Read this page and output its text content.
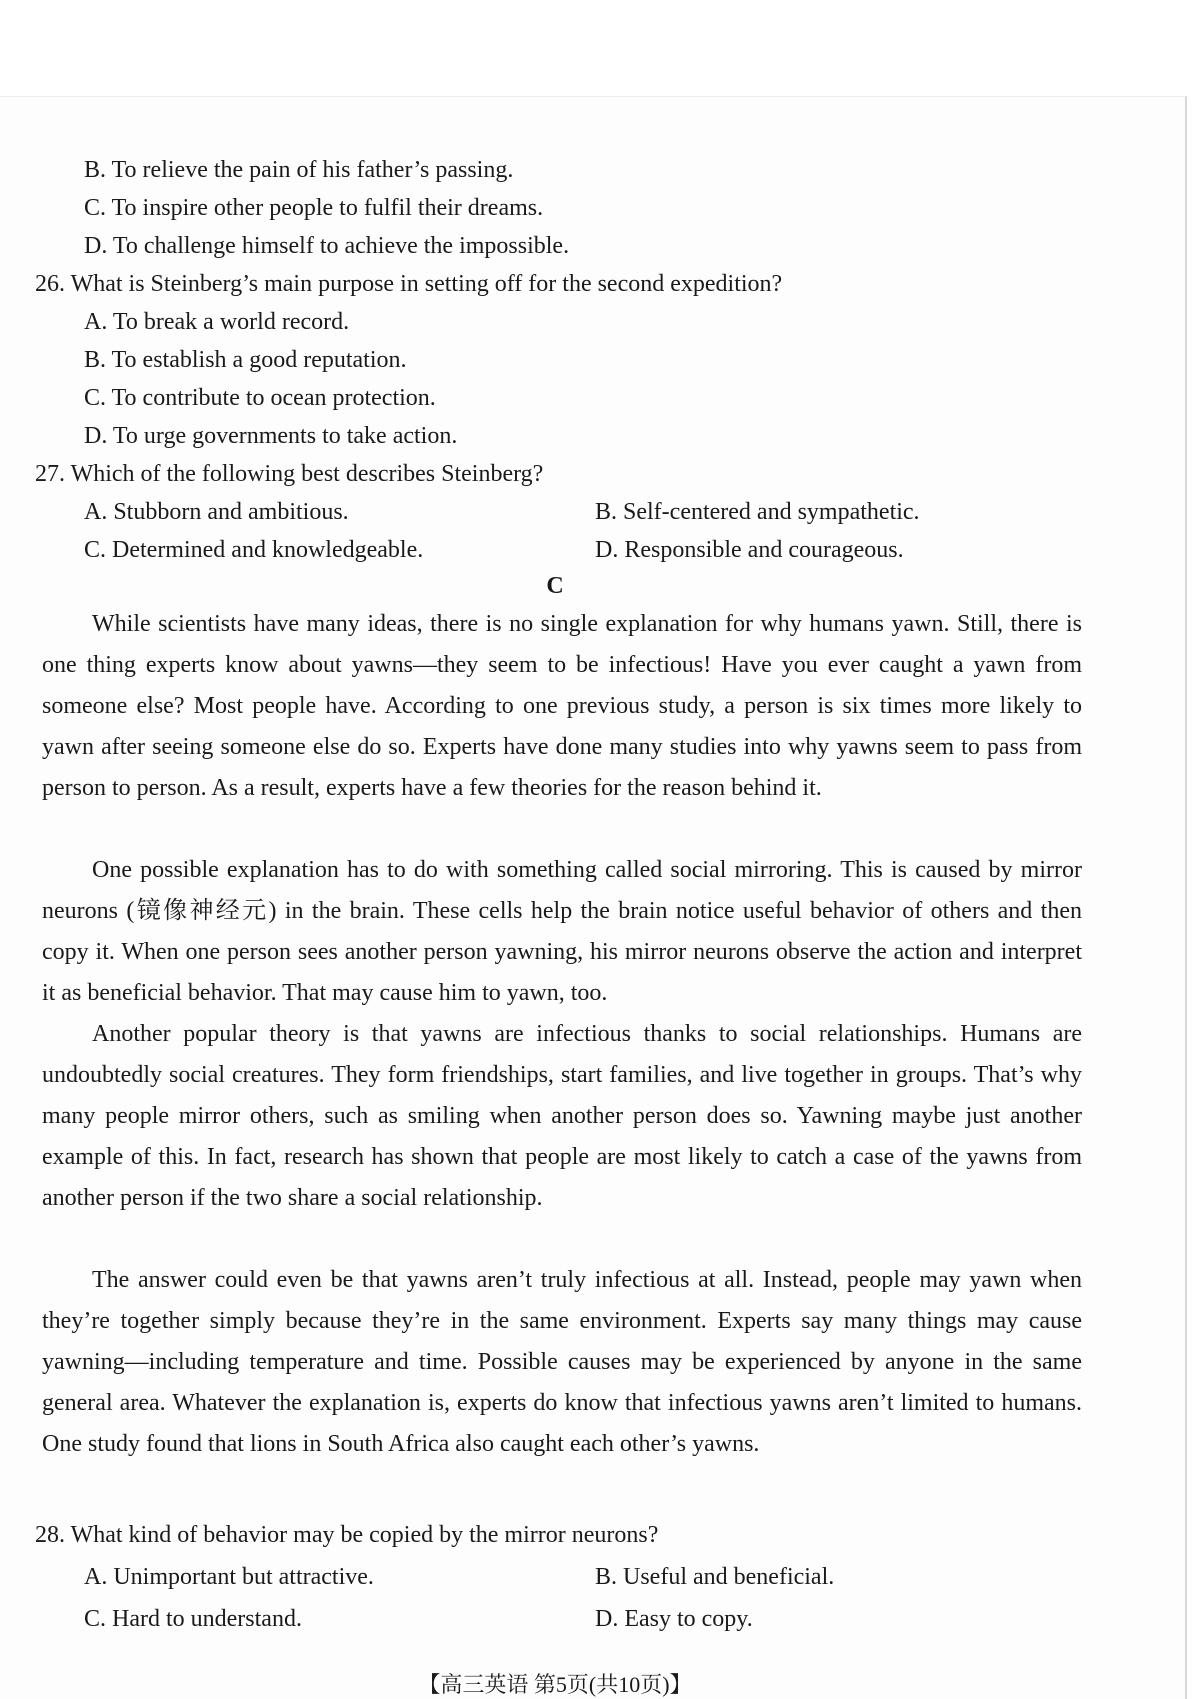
B. To relieve the pain of his father’s passing.
C. To inspire other people to fulfil their dreams.
D. To challenge himself to achieve the impossible.
26. What is Steinberg’s main purpose in setting off for the second expedition?
A. To break a world record.
B. To establish a good reputation.
C. To contribute to ocean protection.
D. To urge governments to take action.
27. Which of the following best describes Steinberg?
A. Stubborn and ambitious.	B. Self-centered and sympathetic.
C. Determined and knowledgeable.	D. Responsible and courageous.
C
While scientists have many ideas, there is no single explanation for why humans yawn. Still, there is one thing experts know about yawns—they seem to be infectious! Have you ever caught a yawn from someone else? Most people have. According to one previous study, a person is six times more likely to yawn after seeing someone else do so. Experts have done many studies into why yawns seem to pass from person to person. As a result, experts have a few theories for the reason behind it.
One possible explanation has to do with something called social mirroring. This is caused by mirror neurons (镜像神经元) in the brain. These cells help the brain notice useful behavior of others and then copy it. When one person sees another person yawning, his mirror neurons observe the action and interpret it as beneficial behavior. That may cause him to yawn, too.
Another popular theory is that yawns are infectious thanks to social relationships. Humans are undoubtedly social creatures. They form friendships, start families, and live together in groups. That’s why many people mirror others, such as smiling when another person does so. Yawning maybe just another example of this. In fact, research has shown that people are most likely to catch a case of the yawns from another person if the two share a social relationship.
The answer could even be that yawns aren’t truly infectious at all. Instead, people may yawn when they’re together simply because they’re in the same environment. Experts say many things may cause yawning—including temperature and time. Possible causes may be experienced by anyone in the same general area. Whatever the explanation is, experts do know that infectious yawns aren’t limited to humans. One study found that lions in South Africa also caught each other’s yawns.
28. What kind of behavior may be copied by the mirror neurons?
A. Unimportant but attractive.	B. Useful and beneficial.
C. Hard to understand.	D. Easy to copy.
【高三英语 第5页(共10页)】
